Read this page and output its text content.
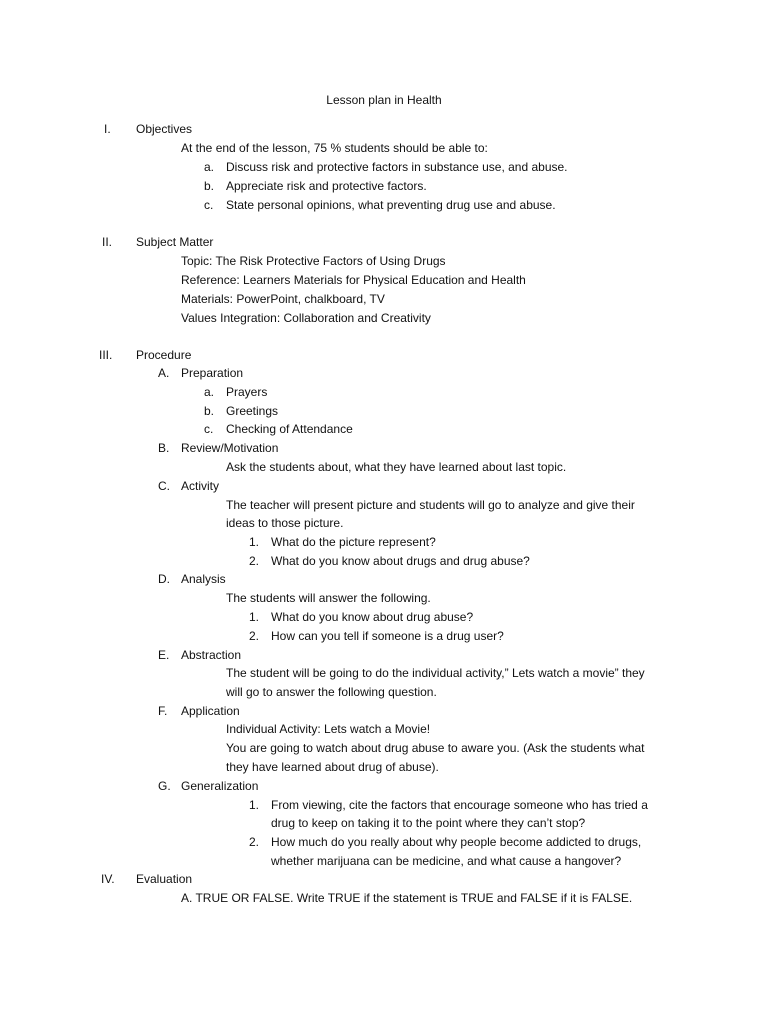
Lesson plan in Health
I. Objectives
At the end of the lesson, 75 % students should be able to:
a. Discuss risk and protective factors in substance use, and abuse.
b. Appreciate risk and protective factors.
c. State personal opinions, what preventing drug use and abuse.
II. Subject Matter
Topic: The Risk Protective Factors of Using Drugs
Reference: Learners Materials for Physical Education and Health
Materials: PowerPoint, chalkboard, TV
Values Integration: Collaboration and Creativity
III. Procedure
A. Preparation
a. Prayers
b. Greetings
c. Checking of Attendance
B. Review/Motivation
Ask the students about, what they have learned about last topic.
C. Activity
The teacher will present picture and students will go to analyze and give their
ideas to those picture.
1. What do the picture represent?
2. What do you know about drugs and drug abuse?
D. Analysis
The students will answer the following.
1. What do you know about drug abuse?
2. How can you tell if someone is a drug user?
E. Abstraction
The student will be going to do the individual activity,” Lets watch a movie” they
will go to answer the following question.
F. Application
Individual Activity: Lets watch a Movie!
You are going to watch about drug abuse to aware you. (Ask the students what
they have learned about drug of abuse).
G. Generalization
1. From viewing, cite the factors that encourage someone who has tried a
drug to keep on taking it to the point where they can’t stop?
2. How much do you really about why people become addicted to drugs,
whether marijuana can be medicine, and what cause a hangover?
IV. Evaluation
A. TRUE OR FALSE. Write TRUE if the statement is TRUE and FALSE if it is FALSE.
